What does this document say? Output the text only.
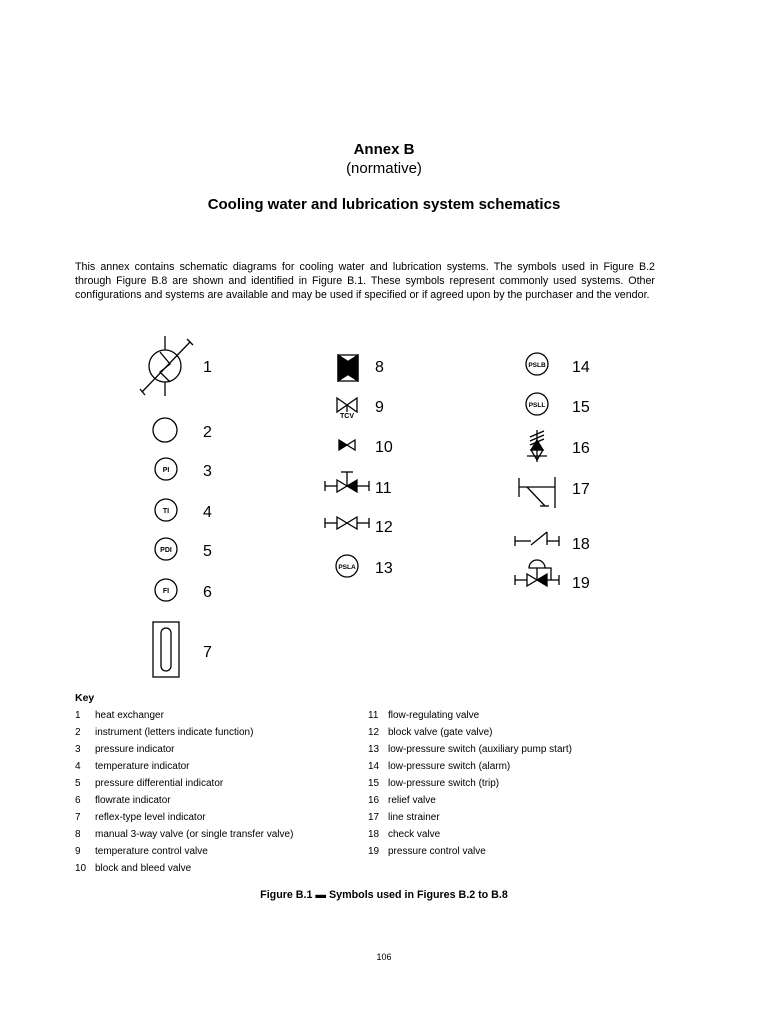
Annex B
(normative)
Cooling water and lubrication system schematics

This annex contains schematic diagrams for cooling water and lubrication systems. The symbols used in Figure B.2 through Figure B.8 are shown and identified in Figure B.1. These symbols represent commonly used systems. Other configurations and systems are available and may be used if specified or if agreed upon by the purchaser and the vendor.

1
2
PI 3
TI 4
PDI 5
FI 6
7
8
TCV
9
10
11
12
PSLA 13
PSLB 14
PSLL 15
16
17
18
19
Key
1 heat exchanger
2 instrument (letters indicate function)
3 pressure indicator
4 temperature indicator
5 pressure differential indicator
6 flowrate indicator
7 reflex-type level indicator
8 manual 3-way valve (or single transfer valve)
9 temperature control valve
10 block and bleed valve
11 flow-regulating valve
12 block valve (gate valve)
13 low-pressure switch (auxiliary pump start)
14 low-pressure switch (alarm)
15 low-pressure switch (trip)
16 relief valve
17 line strainer
18 check valve
19 pressure control valve
Figure B.1 ▬ Symbols used in Figures B.2 to B.8
106
